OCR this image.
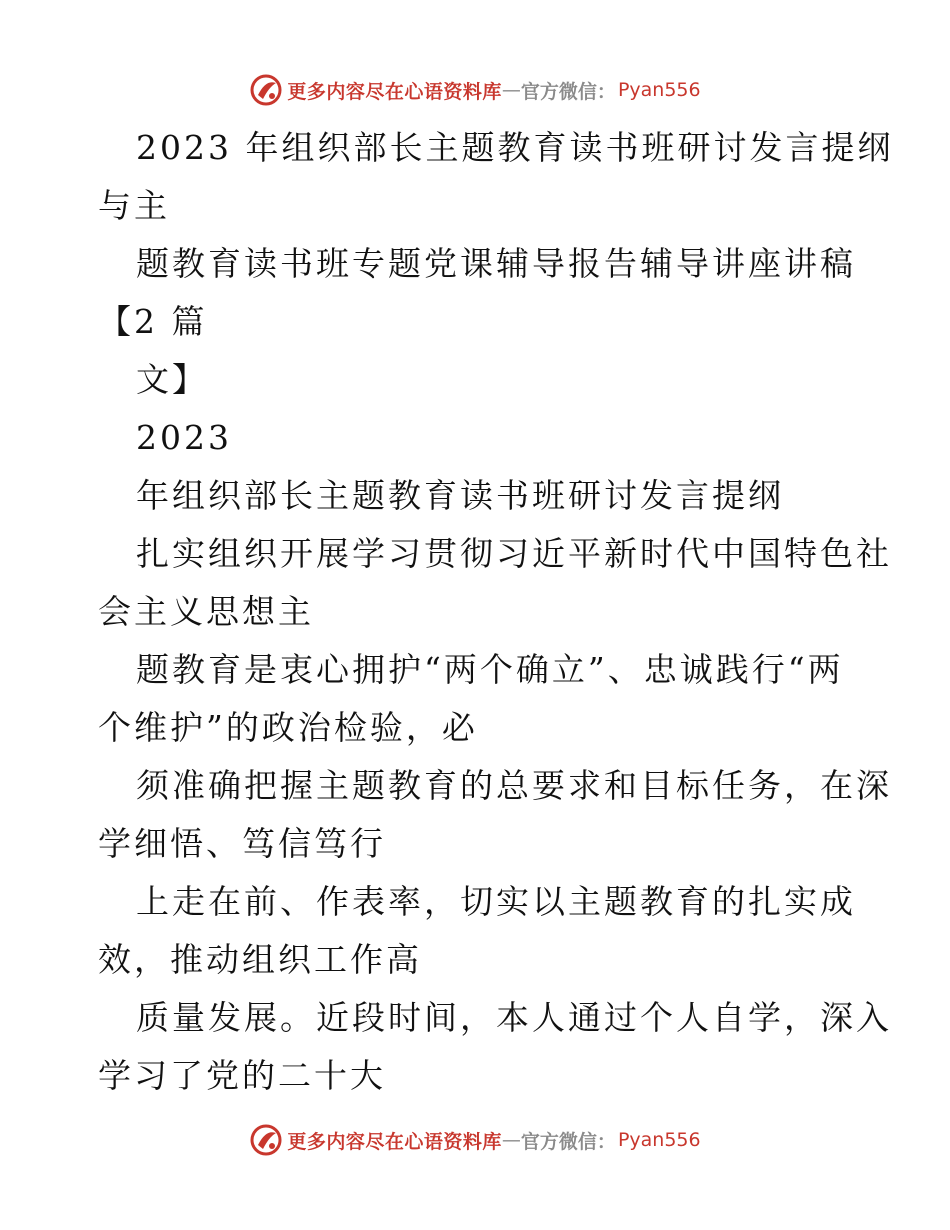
更多内容尽在心语资料库 — 官方微信： Pyan556
2023 年组织部长主题教育读书班研讨发言提纲
与主
题教育读书班专题党课辅导报告辅导讲座讲稿
【2 篇
文】
2023
年组织部长主题教育读书班研讨发言提纲
扎实组织开展学习贯彻习近平新时代中国特色社
会主义思想主
题教育是衷心拥护“两个确立”、忠诚践行“两
个维护”的政治检验，必
须准确把握主题教育的总要求和目标任务，在深
学细悟、笃信笃行
上走在前、作表率，切实以主题教育的扎实成
效，推动组织工作高
质量发展。近段时间，本人通过个人自学，深入
学习了党的二十大
更多内容尽在心语资料库 — 官方微信： Pyan556
